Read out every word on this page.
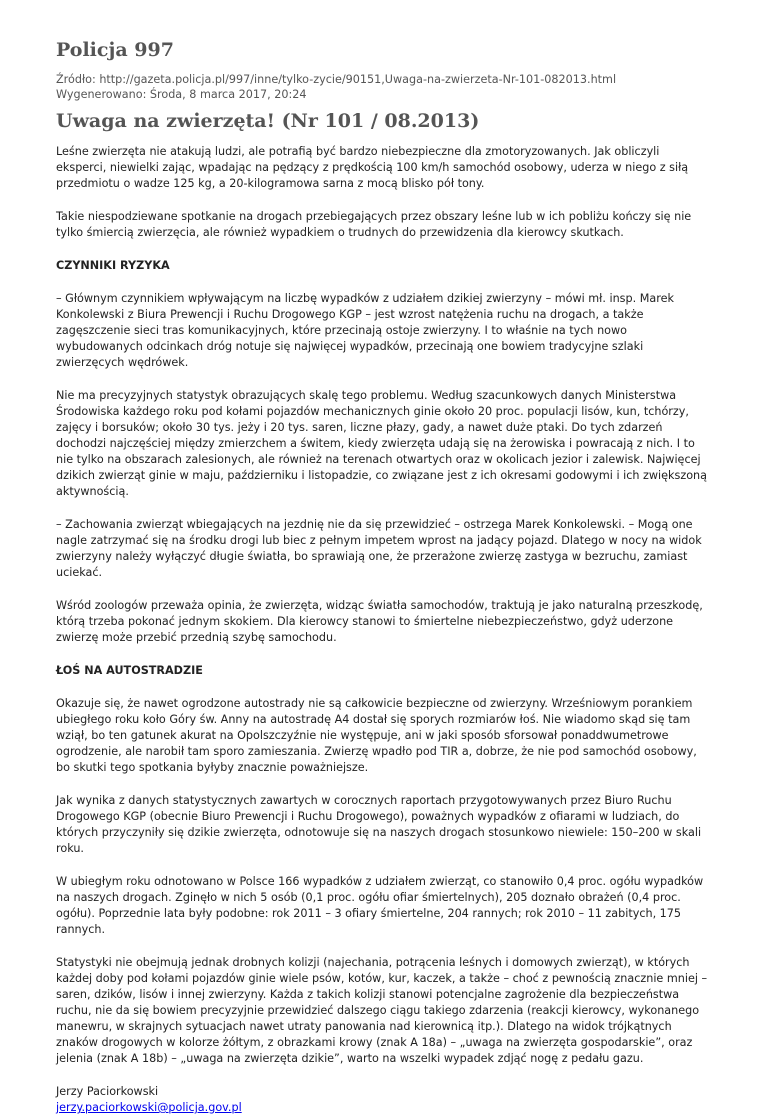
Policja 997
Źródło: http://gazeta.policja.pl/997/inne/tylko-zycie/90151,Uwaga-na-zwierzeta-Nr-101-082013.html
Wygenerowano: Środa, 8 marca 2017, 20:24
Uwaga na zwierzęta! (Nr 101 / 08.2013)

Leśne zwierzęta nie atakują ludzi, ale potrafią być bardzo niebezpieczne dla zmotoryzowanych. Jak obliczyli eksperci, niewielki zając, wpadając na pędzący z prędkością 100 km/h samochód osobowy, uderza w niego z siłą przedmiotu o wadze 125 kg, a 20-kilogramowa sarna z mocą blisko pół tony.

Takie niespodziewane spotkanie na drogach przebiegających przez obszary leśne lub w ich pobliżu kończy się nie tylko śmiercią zwierzęcia, ale również wypadkiem o trudnych do przewidzenia dla kierowcy skutkach.

CZYNNIKI RYZYKA

– Głównym czynnikiem wpływającym na liczbę wypadków z udziałem dzikiej zwierzyny – mówi mł. insp. Marek Konkolewski z Biura Prewencji i Ruchu Drogowego KGP – jest wzrost natężenia ruchu na drogach, a także zagęszczenie sieci tras komunikacyjnych, które przecinają ostoje zwierzyny. I to właśnie na tych nowo wybudowanych odcinkach dróg notuje się najwięcej wypadków, przecinają one bowiem tradycyjne szlaki zwierzęcych wędrówek.

Nie ma precyzyjnych statystyk obrazujących skalę tego problemu. Według szacunkowych danych Ministerstwa Środowiska każdego roku pod kołami pojazdów mechanicznych ginie około 20 proc. populacji lisów, kun, tchórzy, zajęcy i borsuków; około 30 tys. jeży i 20 tys. saren, liczne płazy, gady, a nawet duże ptaki. Do tych zdarzeń dochodzi najczęściej między zmierzchem a świtem, kiedy zwierzęta udają się na żerowiska i powracają z nich. I to nie tylko na obszarach zalesionych, ale również na terenach otwartych oraz w okolicach jezior i zalewisk. Najwięcej dzikich zwierząt ginie w maju, październiku i listopadzie, co związane jest z ich okresami godowymi i ich zwiększoną aktywnością.

– Zachowania zwierząt wbiegających na jezdnię nie da się przewidzieć – ostrzega Marek Konkolewski. – Mogą one nagle zatrzymać się na środku drogi lub biec z pełnym impetem wprost na jadący pojazd. Dlatego w nocy na widok zwierzyny należy wyłączyć długie światła, bo sprawiają one, że przerażone zwierzę zastyga w bezruchu, zamiast uciekać.

Wśród zoologów przeważa opinia, że zwierzęta, widząc światła samochodów, traktują je jako naturalną przeszkodę, którą trzeba pokonać jednym skokiem. Dla kierowcy stanowi to śmiertelne niebezpieczeństwo, gdyż uderzone zwierzę może przebić przednią szybę samochodu.

ŁOŚ NA AUTOSTRADZIE

Okazuje się, że nawet ogrodzone autostrady nie są całkowicie bezpieczne od zwierzyny. Wrześniowym porankiem ubiegłego roku koło Góry św. Anny na autostradę A4 dostał się sporych rozmiarów łoś. Nie wiadomo skąd się tam wziął, bo ten gatunek akurat na Opolszczyźnie nie występuje, ani w jaki sposób sforsował ponaddwumetrowe ogrodzenie, ale narobił tam sporo zamieszania. Zwierzę wpadło pod TIR a, dobrze, że nie pod samochód osobowy, bo skutki tego spotkania byłyby znacznie poważniejsze.

Jak wynika z danych statystycznych zawartych w corocznych raportach przygotowywanych przez Biuro Ruchu Drogowego KGP (obecnie Biuro Prewencji i Ruchu Drogowego), poważnych wypadków z ofiarami w ludziach, do których przyczyniły się dzikie zwierzęta, odnotowuje się na naszych drogach stosunkowo niewiele: 150–200 w skali roku.

W ubiegłym roku odnotowano w Polsce 166 wypadków z udziałem zwierząt, co stanowiło 0,4 proc. ogółu wypadków na naszych drogach. Zginęło w nich 5 osób (0,1 proc. ogółu ofiar śmiertelnych), 205 doznało obrażeń (0,4 proc. ogółu). Poprzednie lata były podobne: rok 2011 – 3 ofiary śmiertelne, 204 rannych; rok 2010 – 11 zabitych, 175 rannych.

Statystyki nie obejmują jednak drobnych kolizji (najechania, potrącenia leśnych i domowych zwierząt), w których każdej doby pod kołami pojazdów ginie wiele psów, kotów, kur, kaczek, a także – choć z pewnością znacznie mniej – saren, dzików, lisów i innej zwierzyny. Każda z takich kolizji stanowi potencjalne zagrożenie dla bezpieczeństwa ruchu, nie da się bowiem precyzyjnie przewidzieć dalszego ciągu takiego zdarzenia (reakcji kierowcy, wykonanego manewru, w skrajnych sytuacjach nawet utraty panowania nad kierownicą itp.). Dlatego na widok trójkątnych znaków drogowych w kolorze żółtym, z obrazkami krowy (znak A 18a) – „uwaga na zwierzęta gospodarskie”, oraz jelenia (znak A 18b) – „uwaga na zwierzęta dzikie”, warto na wszelki wypadek zdjąć nogę z pedału gazu.

Jerzy Paciorkowski
jerzy.paciorkowski@policja.gov.pl
